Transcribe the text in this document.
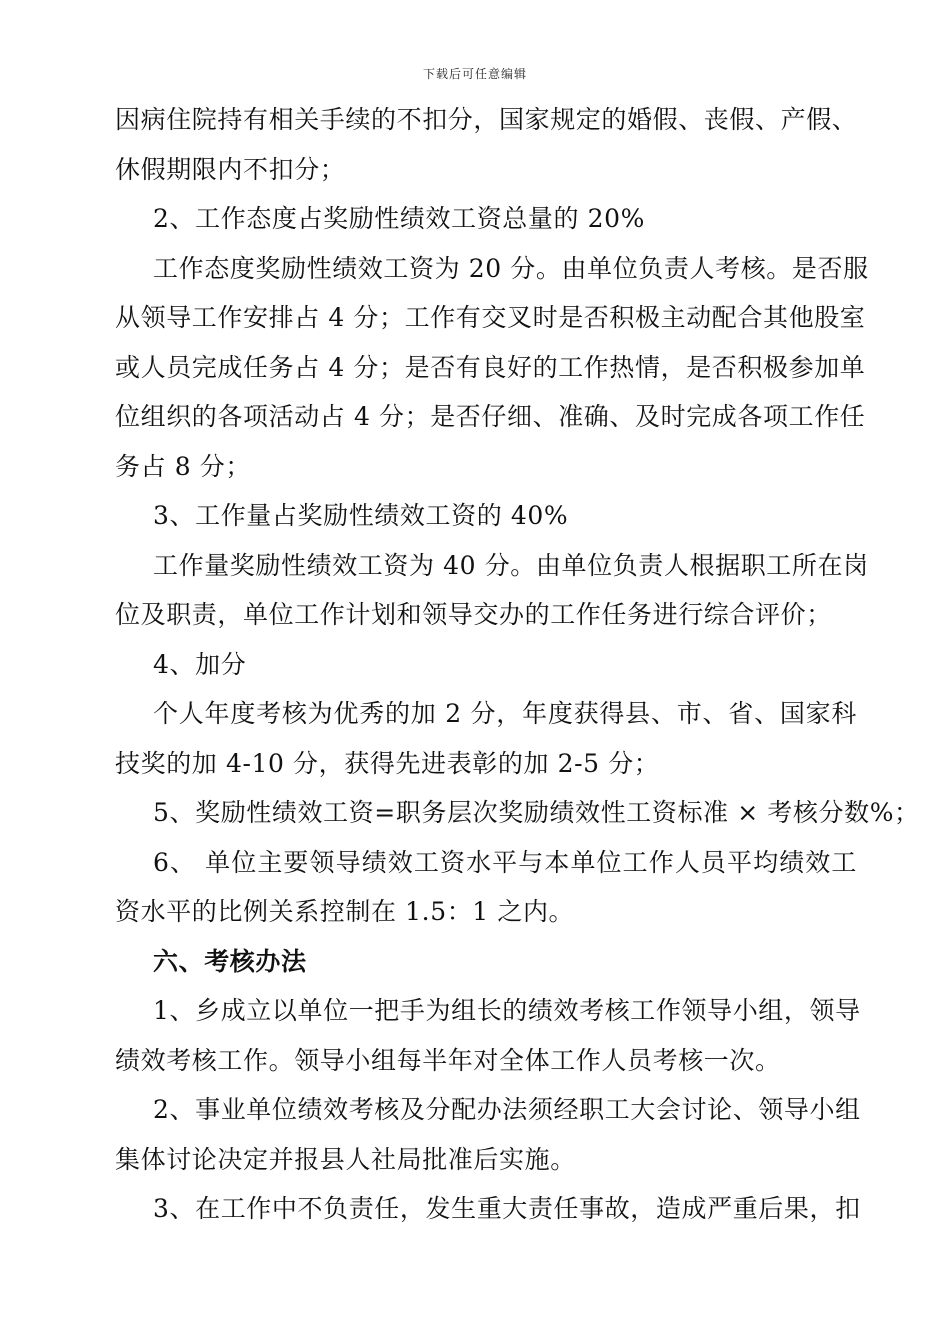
下载后可任意编辑
因病住院持有相关手续的不扣分，国家规定的婚假、丧假、产假、
休假期限内不扣分；
2、工作态度占奖励性绩效工资总量的 20%
工作态度奖励性绩效工资为 20 分。由单位负责人考核。是否服
从领导工作安排占 4 分；工作有交叉时是否积极主动配合其他股室
或人员完成任务占 4 分；是否有良好的工作热情，是否积极参加单
位组织的各项活动占 4 分；是否仔细、准确、及时完成各项工作任
务占 8 分；
3、工作量占奖励性绩效工资的 40%
工作量奖励性绩效工资为 40 分。由单位负责人根据职工所在岗
位及职责，单位工作计划和领导交办的工作任务进行综合评价；
4、加分
个人年度考核为优秀的加 2 分，年度获得县、市、省、国家科
技奖的加 4-10 分，获得先进表彰的加 2-5 分；
5、奖励性绩效工资=职务层次奖励绩效性工资标准 × 考核分数%；
6、 单位主要领导绩效工资水平与本单位工作人员平均绩效工
资水平的比例关系控制在 1.5：1 之内。
六、考核办法
1、乡成立以单位一把手为组长的绩效考核工作领导小组，领导
绩效考核工作。领导小组每半年对全体工作人员考核一次。
2、事业单位绩效考核及分配办法须经职工大会讨论、领导小组
集体讨论决定并报县人社局批准后实施。
3、在工作中不负责任，发生重大责任事故，造成严重后果，扣
